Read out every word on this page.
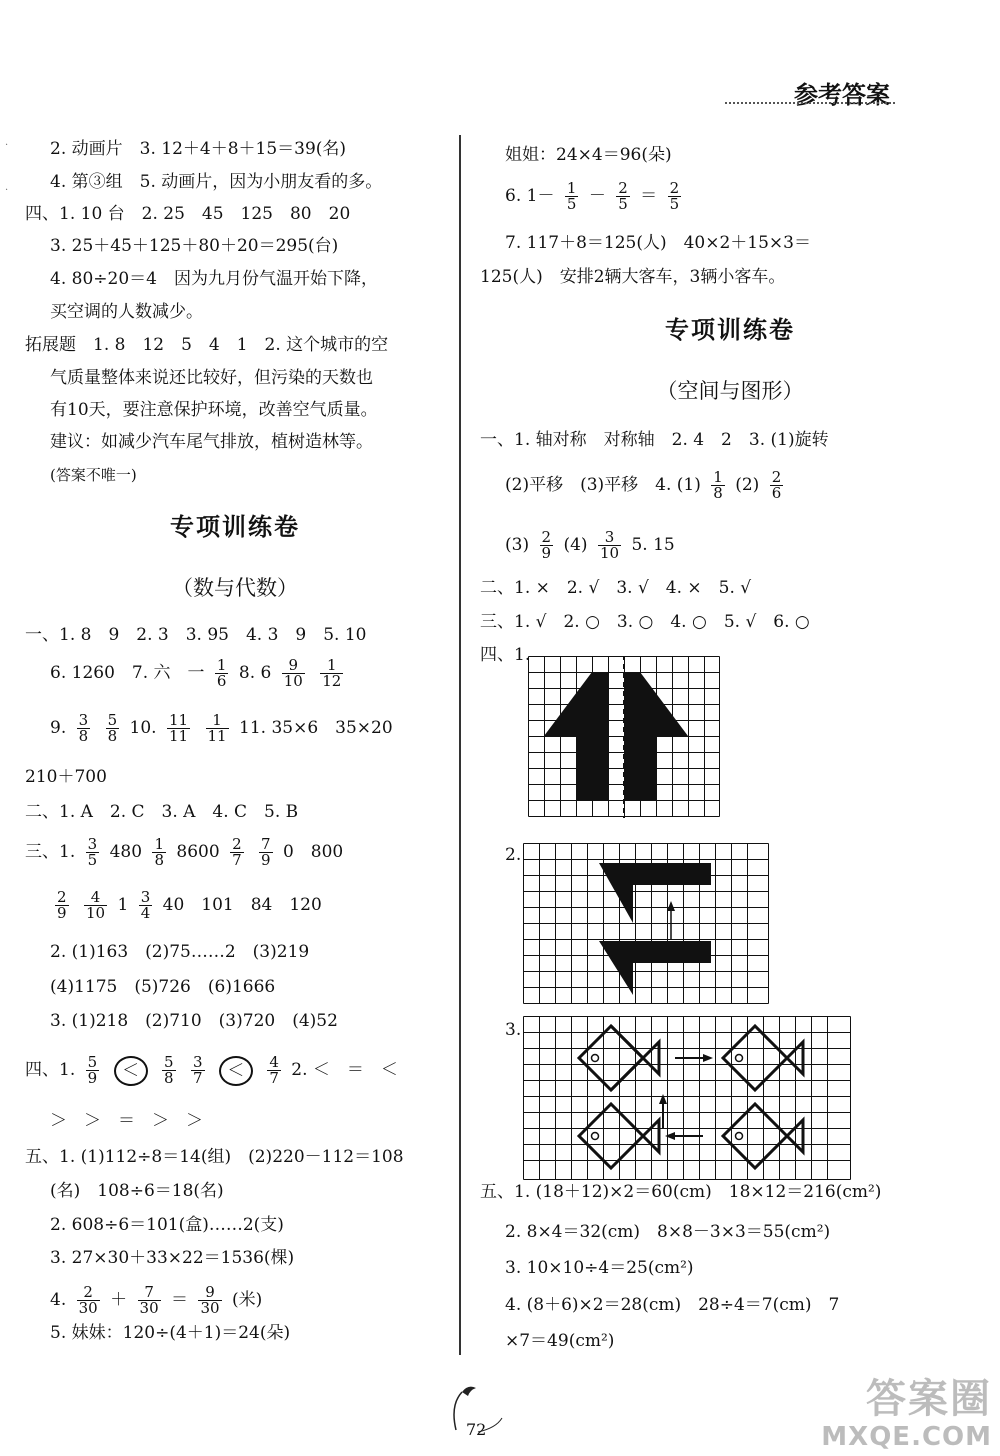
参考答案
·
·
2. 动画片　3. 12＋4＋8＋15＝39(名)
4. 第③组　5. 动画片，因为小朋友看的多。
四、1. 10 台　2. 25　45　125　80　20
3. 25＋45＋125＋80＋20＝295(台)
4. 80÷20＝4　因为九月份气温开始下降，
买空调的人数减少。
拓展题　1. 8　12　5　4　1　2. 这个城市的空
气质量整体来说还比较好，但污染的天数也
有10天，要注意保护环境，改善空气质量。
建议：如减少汽车尾气排放，植树造林等。
(答案不唯一)
专项训练卷
（数与代数）
一、1. 8　9　2. 3　3. 95　4. 3　9　5. 10
6. 1260　7. 六　一 $\frac{1}{6} 8$. $6 \frac{9}{10}$
$\frac{1}{12}$
9. $\frac{3}{8}$
$\frac{5}{8} 10$. $\frac{11}{11}$
$\frac{1}{11} 11$. 35×6　35×20
210＋700
二、1. A　2. C　3. A　4. C　5. B
三、1. $\frac{3}{5} 480 \frac{1}{8} 8600 \frac{2}{7}$
$\frac{7}{9} 0$　800
$\frac{2}{9}$
$\frac{4}{10} 1 \frac{3}{4} 40$　101　84　120
2. (1)163　(2)75……2　(3)219
(4)1175　(5)726　(6)1666
3. (1)218　(2)710　(3)720　(4)52
四、1. $\frac{5}{9} < \frac{5}{8}$
$\frac{3}{7} < \frac{4}{7} 2$. ＜　＝　＜
＞　＞　＝　＞　＞
五、1. (1)112÷8＝14(组)　(2)220－112＝108
(名)　108÷6＝18(名)
2. 608÷6＝101(盒)……2(支)
3. 27×30＋33×22＝1536(棵)
4. $\frac{2}{30} + \frac{7}{30} = \frac{9}{30}$ (米)
5. 妹妹：120÷(4＋1)＝24(朵)
姐姐：24×4＝96(朵)
6. $1- \frac{1}{5} - \frac{2}{5} = \frac{2}{5}$
7. 117＋8＝125(人)　40×2＋15×3＝
125(人)　安排2辆大客车，3辆小客车。
专项训练卷
（空间与图形）
一、1. 轴对称　对称轴　2. 4　2　3. (1)旋转
(2)平移　(3)平移　4. $(1) \frac{1}{8} (2) \frac{2}{6}$
$(3) \frac{2}{9} (4) \frac{3}{10} 5$. 15
二、1. ×　2. √　3. √　4. ×　5. √
三、1. √　2. ○　3. ○　4. ○　5. √　6. ○
四、1.
2.
3.
五、1. (18＋12)×2＝60(cm)　18×12＝216(cm²)
2. 8×4＝32(cm)　8×8－3×3＝55(cm²)
3. 10×10÷4＝25(cm²)
4. (8＋6)×2＝28(cm)　28÷4＝7(cm)　7
×7＝49(cm²)
72
答案圈
MXQE.COM
